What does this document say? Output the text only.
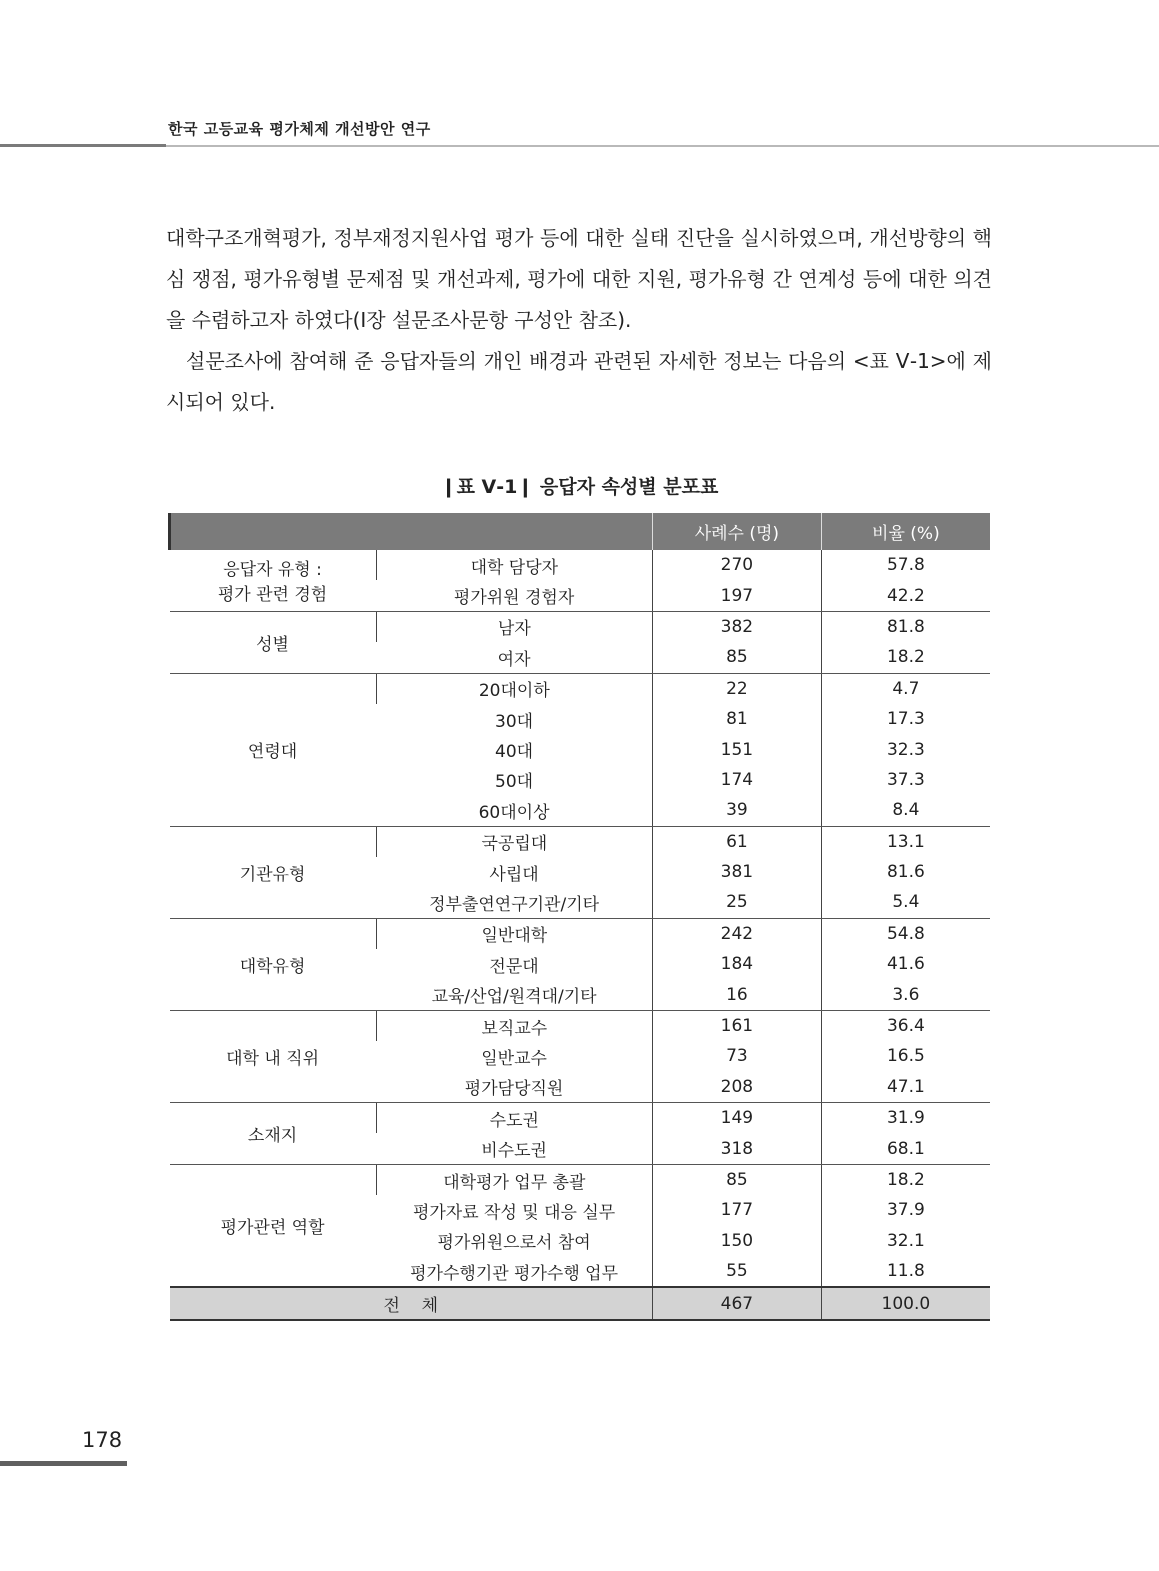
한국 고등교육 평가체제 개선방안 연구

대학구조개혁평가, 정부재정지원사업 평가 등에 대한 실태 진단을 실시하였으며, 개선방향의 핵심 쟁점, 평가유형별 문제점 및 개선과제, 평가에 대한 지원, 평가유형 간 연계성 등에 대한 의견을 수렴하고자 하였다(Ⅰ장 설문조사문항 구성안 참조).

설문조사에 참여해 준 응답자들의 개인 배경과 관련된 자세한 정보는 다음의 <표 Ⅴ-1>에 제시되어 있다.

❙표 Ⅴ-1❙ 응답자 속성별 분포표
		사례수 (명)	비율 (%)
응답자 유형 :
평가 관련 경험	대학 담당자	270	57.8
	평가위원 경험자	197	42.2
성별	남자	382	81.8
	여자	85	18.2
연령대	20대이하	22	4.7
	30대	81	17.3
	40대	151	32.3
	50대	174	37.3
	60대이상	39	8.4
기관유형	국공립대	61	13.1
	사립대	381	81.6
	정부출연연구기관/기타	25	5.4
대학유형	일반대학	242	54.8
	전문대	184	41.6
	교육/산업/원격대/기타	16	3.6
대학 내 직위	보직교수	161	36.4
	일반교수	73	16.5
	평가담당직원	208	47.1
소재지	수도권	149	31.9
	비수도권	318	68.1
평가관련 역할	대학평가 업무 총괄	85	18.2
	평가자료 작성 및 대응 실무	177	37.9
	평가위원으로서 참여	150	32.1
	평가수행기관 평가수행 업무	55	11.8
전    체		467	100.0
178
